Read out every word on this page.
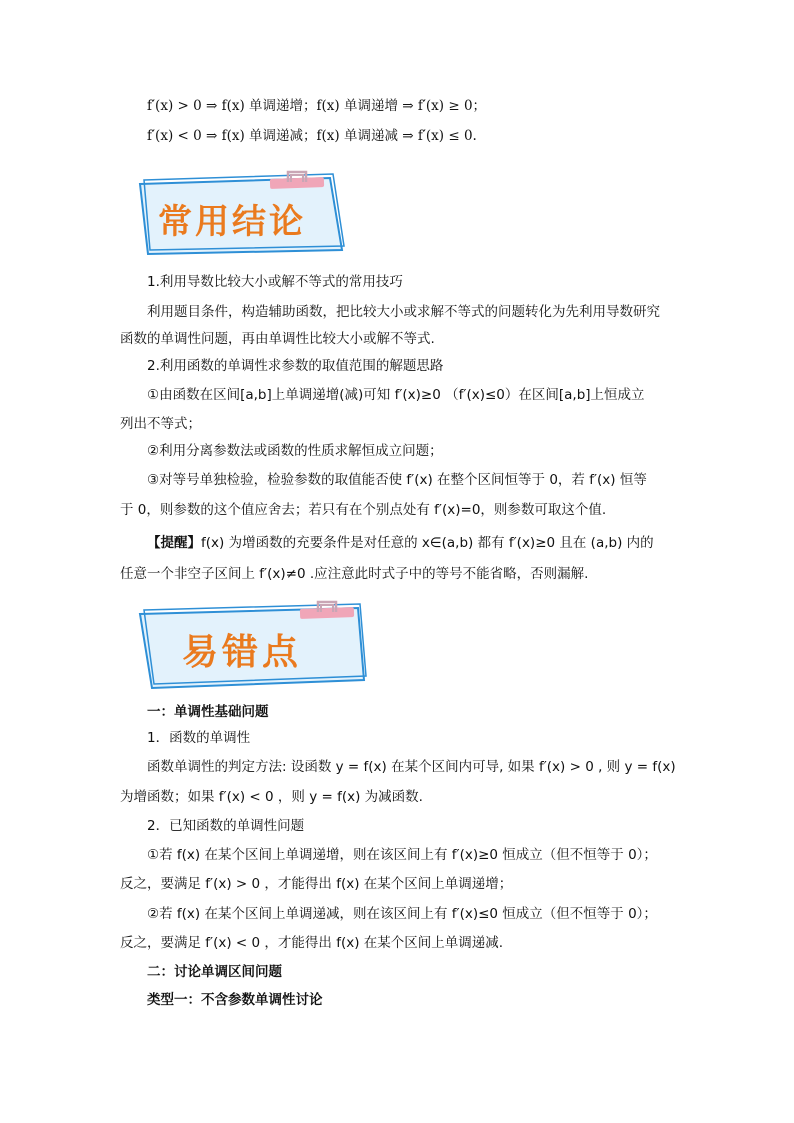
f′(x) > 0 ⇒ f(x) 单调递增；f(x) 单调递增 ⇒ f′(x) ≥ 0；
f′(x) < 0 ⇒ f(x) 单调递减；f(x) 单调递减 ⇒ f′(x) ≤ 0.
常用结论
1.利用导数比较大小或解不等式的常用技巧
利用题目条件，构造辅助函数，把比较大小或求解不等式的问题转化为先利用导数研究
函数的单调性问题，再由单调性比较大小或解不等式.
2.利用函数的单调性求参数的取值范围的解题思路
①由函数在区间[a,b]上单调递增(减)可知 f′(x)≥0 （f′(x)≤0）在区间[a,b]上恒成立
列出不等式；
②利用分离参数法或函数的性质求解恒成立问题；
③对等号单独检验，检验参数的取值能否使 f′(x) 在整个区间恒等于 0，若 f′(x) 恒等
于 0，则参数的这个值应舍去；若只有在个别点处有 f′(x)=0，则参数可取这个值.
【提醒】f(x) 为增函数的充要条件是对任意的 x∈(a,b) 都有 f′(x)≥0 且在 (a,b) 内的
任意一个非空子区间上 f′(x)≠0 .应注意此时式子中的等号不能省略，否则漏解.
易错点
一：单调性基础问题
1．函数的单调性
函数单调性的判定方法: 设函数 y = f(x) 在某个区间内可导, 如果 f′(x) > 0 , 则 y = f(x)
为增函数；如果 f′(x) < 0 ，则 y = f(x) 为减函数.
2．已知函数的单调性问题
①若 f(x) 在某个区间上单调递增，则在该区间上有 f′(x)≥0 恒成立（但不恒等于 0）；
反之，要满足 f′(x) > 0 ，才能得出 f(x) 在某个区间上单调递增；
②若 f(x) 在某个区间上单调递减，则在该区间上有 f′(x)≤0 恒成立（但不恒等于 0）；
反之，要满足 f′(x) < 0 ，才能得出 f(x) 在某个区间上单调递减.
二：讨论单调区间问题
类型一：不含参数单调性讨论
